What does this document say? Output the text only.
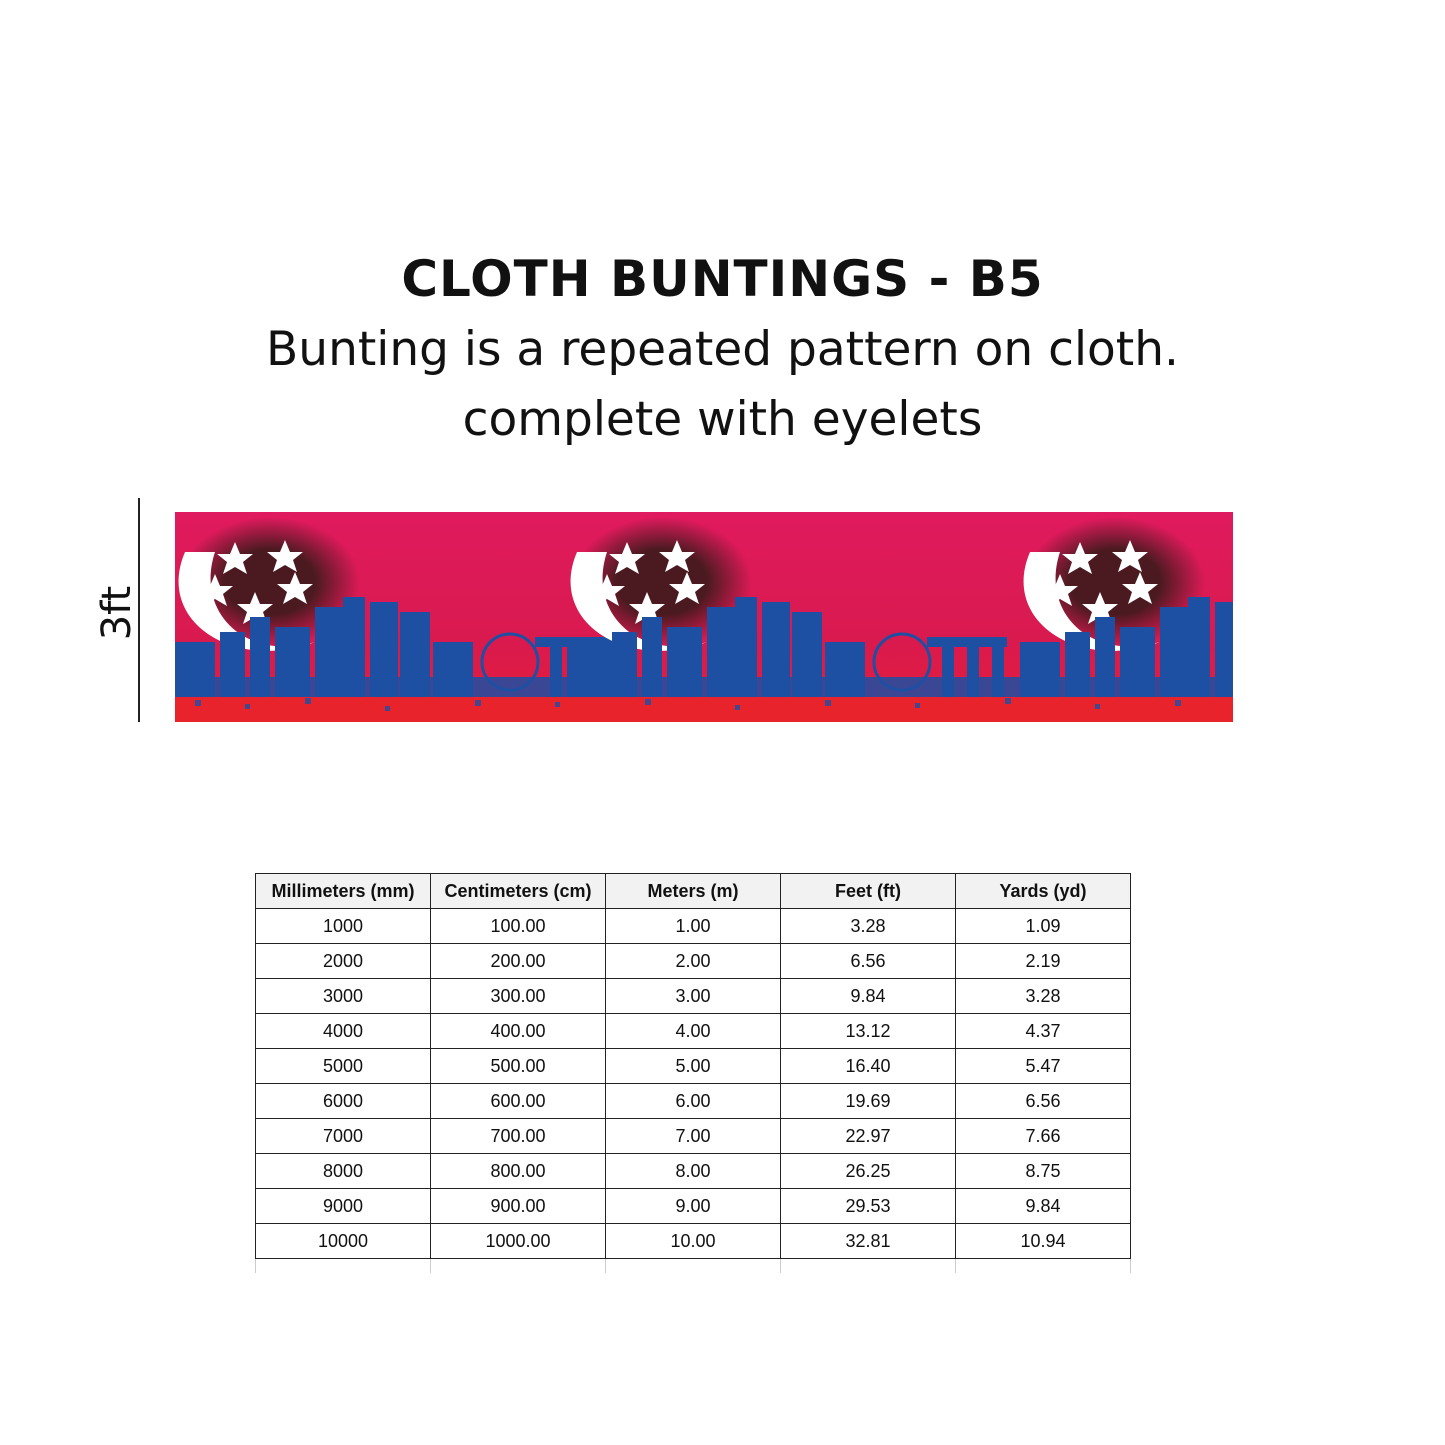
CLOTH BUNTINGS - B5
Bunting is a repeated pattern on cloth.
complete with eyelets
3ft
Millimeters (mm)	Centimeters (cm)	Meters (m)	Feet (ft)	Yards (yd)
1000	100.00	1.00	3.28	1.09
2000	200.00	2.00	6.56	2.19
3000	300.00	3.00	9.84	3.28
4000	400.00	4.00	13.12	4.37
5000	500.00	5.00	16.40	5.47
6000	600.00	6.00	19.69	6.56
7000	700.00	7.00	22.97	7.66
8000	800.00	8.00	26.25	8.75
9000	900.00	9.00	29.53	9.84
10000	1000.00	10.00	32.81	10.94
